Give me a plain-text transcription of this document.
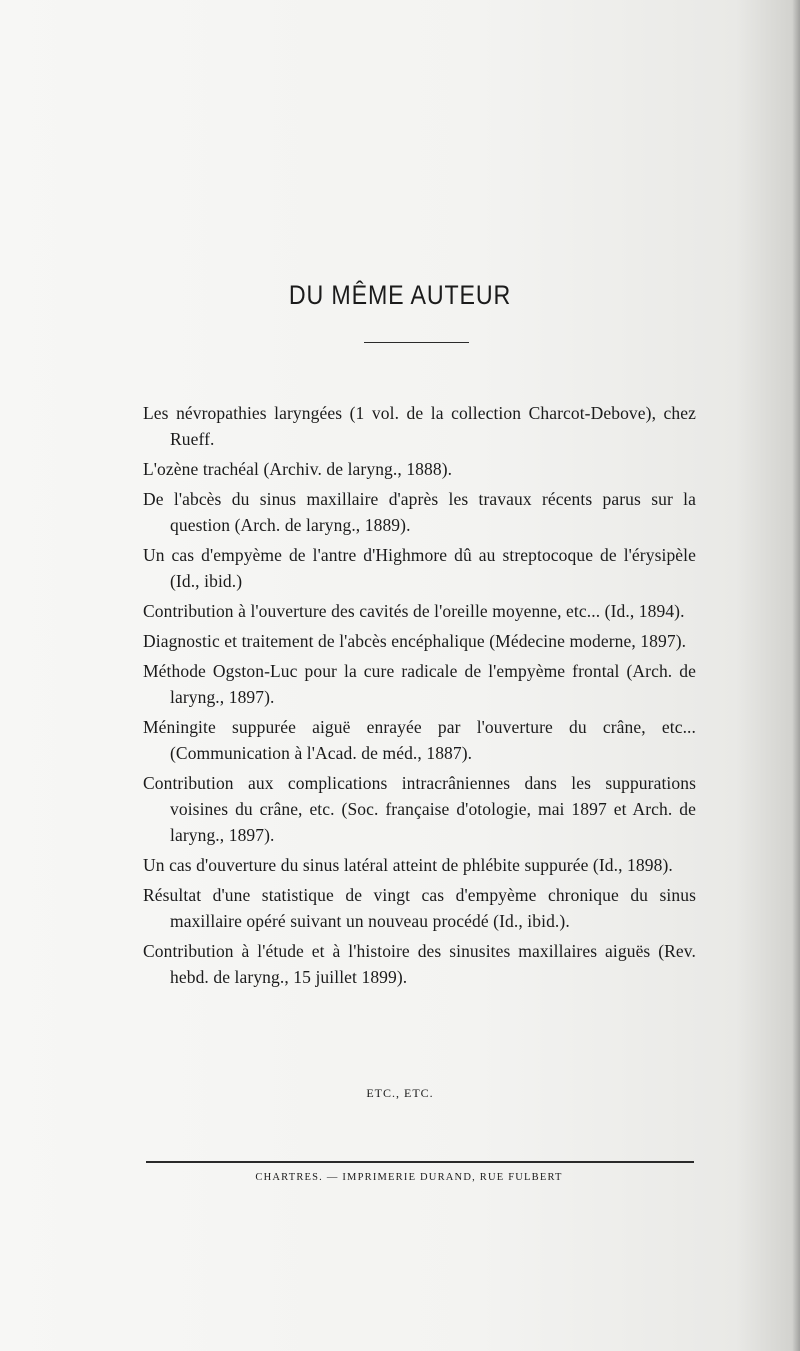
DU MÊME AUTEUR
Les névropathies laryngées (1 vol. de la collection Charcot-Debove), chez Rueff.
L'ozène trachéal (Archiv. de laryng., 1888).
De l'abcès du sinus maxillaire d'après les travaux récents parus sur la question (Arch. de laryng., 1889).
Un cas d'empyème de l'antre d'Highmore dû au streptocoque de l'érysipèle (Id., ibid.)
Contribution à l'ouverture des cavités de l'oreille moyenne, etc... (Id., 1894).
Diagnostic et traitement de l'abcès encéphalique (Médecine moderne, 1897).
Méthode Ogston-Luc pour la cure radicale de l'empyème frontal (Arch. de laryng., 1897).
Méningite suppurée aiguë enrayée par l'ouverture du crâne, etc... (Communication à l'Acad. de méd., 1887).
Contribution aux complications intracrâniennes dans les suppurations voisines du crâne, etc. (Soc. française d'otologie, mai 1897 et Arch. de laryng., 1897).
Un cas d'ouverture du sinus latéral atteint de phlébite suppurée (Id., 1898).
Résultat d'une statistique de vingt cas d'empyème chronique du sinus maxillaire opéré suivant un nouveau procédé (Id., ibid.).
Contribution à l'étude et à l'histoire des sinusites maxillaires aiguës (Rev. hebd. de laryng., 15 juillet 1899).
ETC., ETC.
CHARTRES. — IMPRIMERIE DURAND, RUE FULBERT
